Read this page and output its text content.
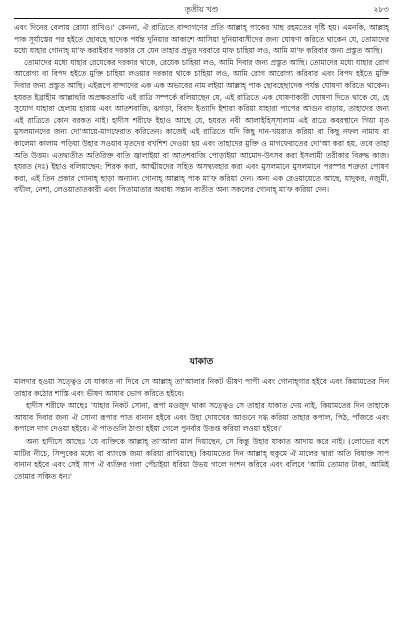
তৃতীয় খণ্ড	২৮৩

এবং দিনের বেলায় রোযা রাখিও।' কেননা, ঐ রাত্রিতে বান্দাগণের প্রতি আল্লাহ্ পাকের খাছ রহমতের দৃষ্টি হয়। এমনকি, আল্লাহ্ পাক সূর্যাস্তের পর হইতে ছোবহে ছাদেক পর্যন্ত দুনিয়ার আকাশে আসিয়া দুনিয়াবাসীদের জন্য ঘোষণা করিতে থাকেন যে, তোমাদের মধ্যে যাহার গোনাহ্ মা'ফ করাইবার দরকার সে যেন তাহার প্রভুর দরবারে মাফ চাহিয়া লও, আমি মা'ফ করিবার জন্য প্রস্তুত আছি।

তোমাদের মধ্যে যাহার রেযেকের দরকার থাকে, রেযেক চাহিয়া লও, আমি দিবার জন্য প্রস্তুত আছি। তোমাদের মধ্যে যাহার রোগ আরোগ্য বা বিপদ হইতে মুক্তি চাহিয়া লওয়ার দরকার থাকে চাহিয়া লও, আমি রোগ আরোগ্য করিবার এবং বিপদ হইতে মুক্তি দিবার জন্য প্রস্তুত আছি। এইরূপে বান্দাদের এক এক অভাবের নাম লইয়া আল্লাহ্ পাক ছোবহেছাদেক পর্যন্ত ঘোষণা করিতে থাকেন। হযরত ইব্রাহীম আল্লাহুরি অপ্রক্ষরতায়ি এই রাত্রি সম্পর্কে বলিয়াছেন যে, এই রাত্রিতে এক ঘোষণাকারী ঘোষণা দিতে থাকে যে, হে সুযোগ যাহারা হেলায় হারায় এবং আতশবাজি, ঝগড়া, বিবাদ ইত্যাদি ইশারা করিয়া যাহারা পাপের আগুন বাড়ায়, তাহাদের জন্য এই রাত্রিতে কোন বরকত নাই। হাদীস শরীফে ইহাও আছে যে, হযরত নবী আলাইহিস্সালাম এই রাত্রে কবরস্থানে গিয়া মৃত মুসলমানদের জন্য দো'আয়ে-মাগফেরাত করিতেন। কাজেই এই রাত্রিতে যদি কিছু দান-খয়রাত করিয়া বা কিছু নফল নামায বা কালেমা কালাম পড়িয়া উহার সওয়াব মৃতদের বখশিশ দেওয়া হয় এবং তাহাদের মুক্তি ও মাগফেরাতের দো'আ করা হয়, তবে তাহা অতি উত্তম। এতদ্ব্যতীত অতিরিক্ত বাতি জ্বালাইয়া বা আতশবাজি পোড়াইয়া আমোদ-উৎসব করা ইসলামী তরীকার বিরুদ্ধ কাজ। হযরত (দঃ) ইহাও বলিয়াছেন: শিরক করা, আত্মীয়দের সহিত অসদ্ব্যবহার করা এবং মুসলমানে মুসলমানে পরস্পর শত্রুতা পোষণ করা, এই তিন প্রকার গোনাহ্ ছাড়া অন্যান্য গোনাহ্ আল্লাহ্ পাক মা'ফ করিয়া দেন। অন্য এক রেওয়ায়েতে আছে, যাদুকর, নজুমী, বখীল, নেশা, লেওয়াতাতকারী এবং পিতামাতার অবাধ্য সন্তান ব্যতীত অন্য সকলের গোনাহ্ মা'ফ করিয়া দেন।

যাকাত

মালদার হওয়া সত্ত্বেও যে যাকাত না দিবে সে আল্লাহ্ তা'আলার নিকট ভীষণ পাপী এবং গোনাহ্গার হইবে এবং কিয়ামতের দিন তাহার কঠোর শাস্তি এবং ভীষণ আযাব ভোগ করিতে হইবে।

হাদীস শরীফে আছেঃ 'যাহার নিকট সোনা, রূপা মওজুদ থাকা সত্ত্বেও সে তাহার যাকাত দেয় নাই, কিয়ামতের দিন তাহাকে আযাব দিবার জন্য ঐ সোনা রূপার পাত বানান হইবে এবং উহা দোযখের আগুনে দগ্ধ করিয়া তাহার কপাল, পিঠ, পাঁজরে এবং কপালে দাগ দেওয়া হইবে। ঐ পাতগুলি ঠাণ্ডা হইয়া গেলে পুনর্বার উত্তপ্ত করিয়া লওয়া হইবে।'

অন্য হাদীসে আছেঃ 'যে ব্যক্তিকে আল্লাহ্ তা'আলা মাল দিয়াছেন, সে কিন্তু উহার যাকাত আদায় করে নাই। (লোভের বশে মাটির নীচে, সিন্দুকের মধ্যে বা ব্যাংকে জমা করিয়া রাখিয়াছে) কিয়ামতের দিন আল্লাহ্ হুকুমে ঐ মালের দ্বারা অতি বিষাক্ত সাপ বানান হইবে এবং সেই সাপ ঐ ব্যক্তির গলা পেঁচাইয়া ধরিয়া উভয় গালে দংশন করিবে এবং বলিবে 'আমি তোমার টাকা, আমিই তোমার সঞ্চিত ধন।'
